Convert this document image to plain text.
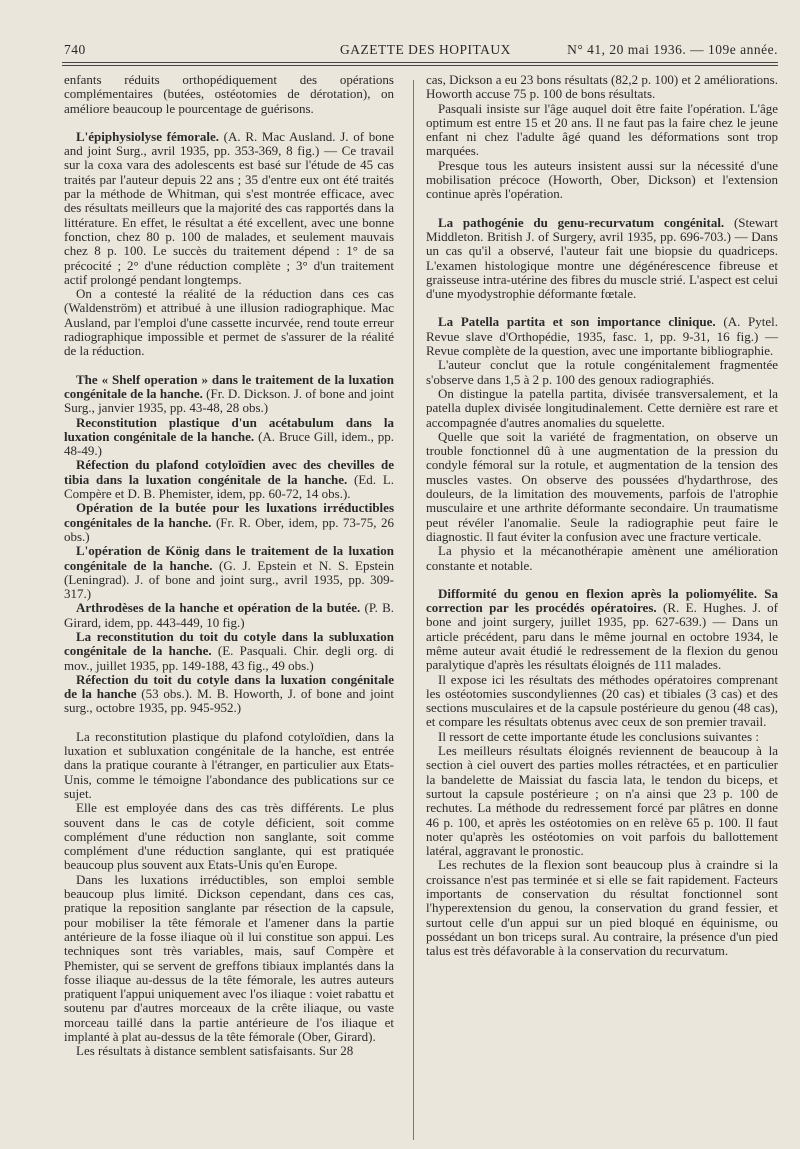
740	GAZETTE DES HOPITAUX	N° 41, 20 mai 1936. — 109e année.

enfants réduits orthopédiquement des opérations complémentaires (butées, ostéotomies de dérotation), on améliore beaucoup le pourcentage de guérisons.

L'épiphysiolyse fémorale. (A. R. Mac Ausland. J. of bone and joint Surg., avril 1935, pp. 353-369, 8 fig.) — Ce travail sur la coxa vara des adolescents est basé sur l'étude de 45 cas traités par l'auteur depuis 22 ans ; 35 d'entre eux ont été traités par la méthode de Whitman, qui s'est montrée efficace, avec des résultats meilleurs que la majorité des cas rapportés dans la littérature. En effet, le résultat a été excellent, avec une bonne fonction, chez 80 p. 100 de malades, et seulement mauvais chez 8 p. 100. Le succès du traitement dépend : 1° de sa précocité ; 2° d'une réduction complète ; 3° d'un traitement actif prolongé pendant longtemps.

On a contesté la réalité de la réduction dans ces cas (Waldenström) et attribué à une illusion radiographique. Mac Ausland, par l'emploi d'une cassette incurvée, rend toute erreur radiographique impossible et permet de s'assurer de la réalité de la réduction.

The « Shelf operation » dans le traitement de la luxation congénitale de la hanche. (Fr. D. Dickson. J. of bone and joint Surg., janvier 1935, pp. 43-48, 28 obs.)

Reconstitution plastique d'un acétabulum dans la luxation congénitale de la hanche. (A. Bruce Gill, idem., pp. 48-49.)

Réfection du plafond cotyloïdien avec des chevilles de tibia dans la luxation congénitale de la hanche. (Ed. L. Compère et D. B. Phemister, idem, pp. 60-72, 14 obs.).

Opération de la butée pour les luxations irréductibles congénitales de la hanche. (Fr. R. Ober, idem, pp. 73-75, 26 obs.)

L'opération de König dans le traitement de la luxation congénitale de la hanche. (G. J. Epstein et N. S. Epstein (Leningrad). J. of bone and joint surg., avril 1935, pp. 309-317.)

Arthrodèses de la hanche et opération de la butée. (P. B. Girard, idem, pp. 443-449, 10 fig.)

La reconstitution du toit du cotyle dans la subluxation congénitale de la hanche. (E. Pasquali. Chir. degli org. di mov., juillet 1935, pp. 149-188, 43 fig., 49 obs.)

Réfection du toit du cotyle dans la luxation congénitale de la hanche (53 obs.). M. B. Howorth, J. of bone and joint surg., octobre 1935, pp. 945-952.)

La reconstitution plastique du plafond cotyloïdien, dans la luxation et subluxation congénitale de la hanche, est entrée dans la pratique courante à l'étranger, en particulier aux Etats-Unis, comme le témoigne l'abondance des publications sur ce sujet.

Elle est employée dans des cas très différents. Le plus souvent dans le cas de cotyle déficient, soit comme complément d'une réduction non sanglante, soit comme complément d'une réduction sanglante, qui est pratiquée beaucoup plus souvent aux Etats-Unis qu'en Europe.

Dans les luxations irréductibles, son emploi semble beaucoup plus limité. Dickson cependant, dans ces cas, pratique la reposition sanglante par résection de la capsule, pour mobiliser la tête fémorale et l'amener dans la partie antérieure de la fosse iliaque où il lui constitue son appui. Les techniques sont très variables, mais, sauf Compère et Phemister, qui se servent de greffons tibiaux implantés dans la fosse iliaque au-dessus de la tête fémorale, les autres auteurs pratiquent l'appui uniquement avec l'os iliaque : voiet rabattu et soutenu par d'autres morceaux de la crête iliaque, ou vaste morceau taillé dans la partie antérieure de l'os iliaque et implanté à plat au-dessus de la tête fémorale (Ober, Girard).

Les résultats à distance semblent satisfaisants. Sur 28

cas, Dickson a eu 23 bons résultats (82,2 p. 100) et 2 améliorations. Howorth accuse 75 p. 100 de bons résultats.

Pasquali insiste sur l'âge auquel doit être faite l'opération. L'âge optimum est entre 15 et 20 ans. Il ne faut pas la faire chez le jeune enfant ni chez l'adulte âgé quand les déformations sont trop marquées.

Presque tous les auteurs insistent aussi sur la nécessité d'une mobilisation précoce (Howorth, Ober, Dickson) et l'extension continue après l'opération.

La pathogénie du genu-recurvatum congénital. (Stewart Middleton. British J. of Surgery, avril 1935, pp. 696-703.) — Dans un cas qu'il a observé, l'auteur fait une biopsie du quadriceps. L'examen histologique montre une dégénérescence fibreuse et graisseuse intra-utérine des fibres du muscle strié. L'aspect est celui d'une myodystrophie déformante fœtale.

La Patella partita et son importance clinique. (A. Pytel. Revue slave d'Orthopédie, 1935, fasc. 1, pp. 9-31, 16 fig.) — Revue complète de la question, avec une importante bibliographie.

L'auteur conclut que la rotule congénitalement fragmentée s'observe dans 1,5 à 2 p. 100 des genoux radiographiés.

On distingue la patella partita, divisée transversalement, et la patella duplex divisée longitudinalement. Cette dernière est rare et accompagnée d'autres anomalies du squelette.

Quelle que soit la variété de fragmentation, on observe un trouble fonctionnel dû à une augmentation de la pression du condyle fémoral sur la rotule, et augmentation de la tension des muscles vastes. On observe des poussées d'hydarthrose, des douleurs, de la limitation des mouvements, parfois de l'atrophie musculaire et une arthrite déformante secondaire. Un traumatisme peut révéler l'anomalie. Seule la radiographie peut faire le diagnostic. Il faut éviter la confusion avec une fracture verticale.

La physio et la mécanothérapie amènent une amélioration constante et notable.

Difformité du genou en flexion après la poliomyélite. Sa correction par les procédés opératoires. (R. E. Hughes. J. of bone and joint surgery, juillet 1935, pp. 627-639.) — Dans un article précédent, paru dans le même journal en octobre 1934, le même auteur avait étudié le redressement de la flexion du genou paralytique d'après les résultats éloignés de 111 malades.

Il expose ici les résultats des méthodes opératoires comprenant les ostéotomies suscondyliennes (20 cas) et tibiales (3 cas) et des sections musculaires et de la capsule postérieure du genou (48 cas), et compare les résultats obtenus avec ceux de son premier travail.

Il ressort de cette importante étude les conclusions suivantes :

Les meilleurs résultats éloignés reviennent de beaucoup à la section à ciel ouvert des parties molles rétractées, et en particulier la bandelette de Maissiat du fascia lata, le tendon du biceps, et surtout la capsule postérieure ; on n'a ainsi que 23 p. 100 de rechutes. La méthode du redressement forcé par plâtres en donne 46 p. 100, et après les ostéotomies on en relève 65 p. 100. Il faut noter qu'après les ostéotomies on voit parfois du ballottement latéral, aggravant le pronostic.

Les rechutes de la flexion sont beaucoup plus à craindre si la croissance n'est pas terminée et si elle se fait rapidement. Facteurs importants de conservation du résultat fonctionnel sont l'hyperextension du genou, la conservation du grand fessier, et surtout celle d'un appui sur un pied bloqué en équinisme, ou possédant un bon triceps sural. Au contraire, la présence d'un pied talus est très défavorable à la conservation du recurvatum.
